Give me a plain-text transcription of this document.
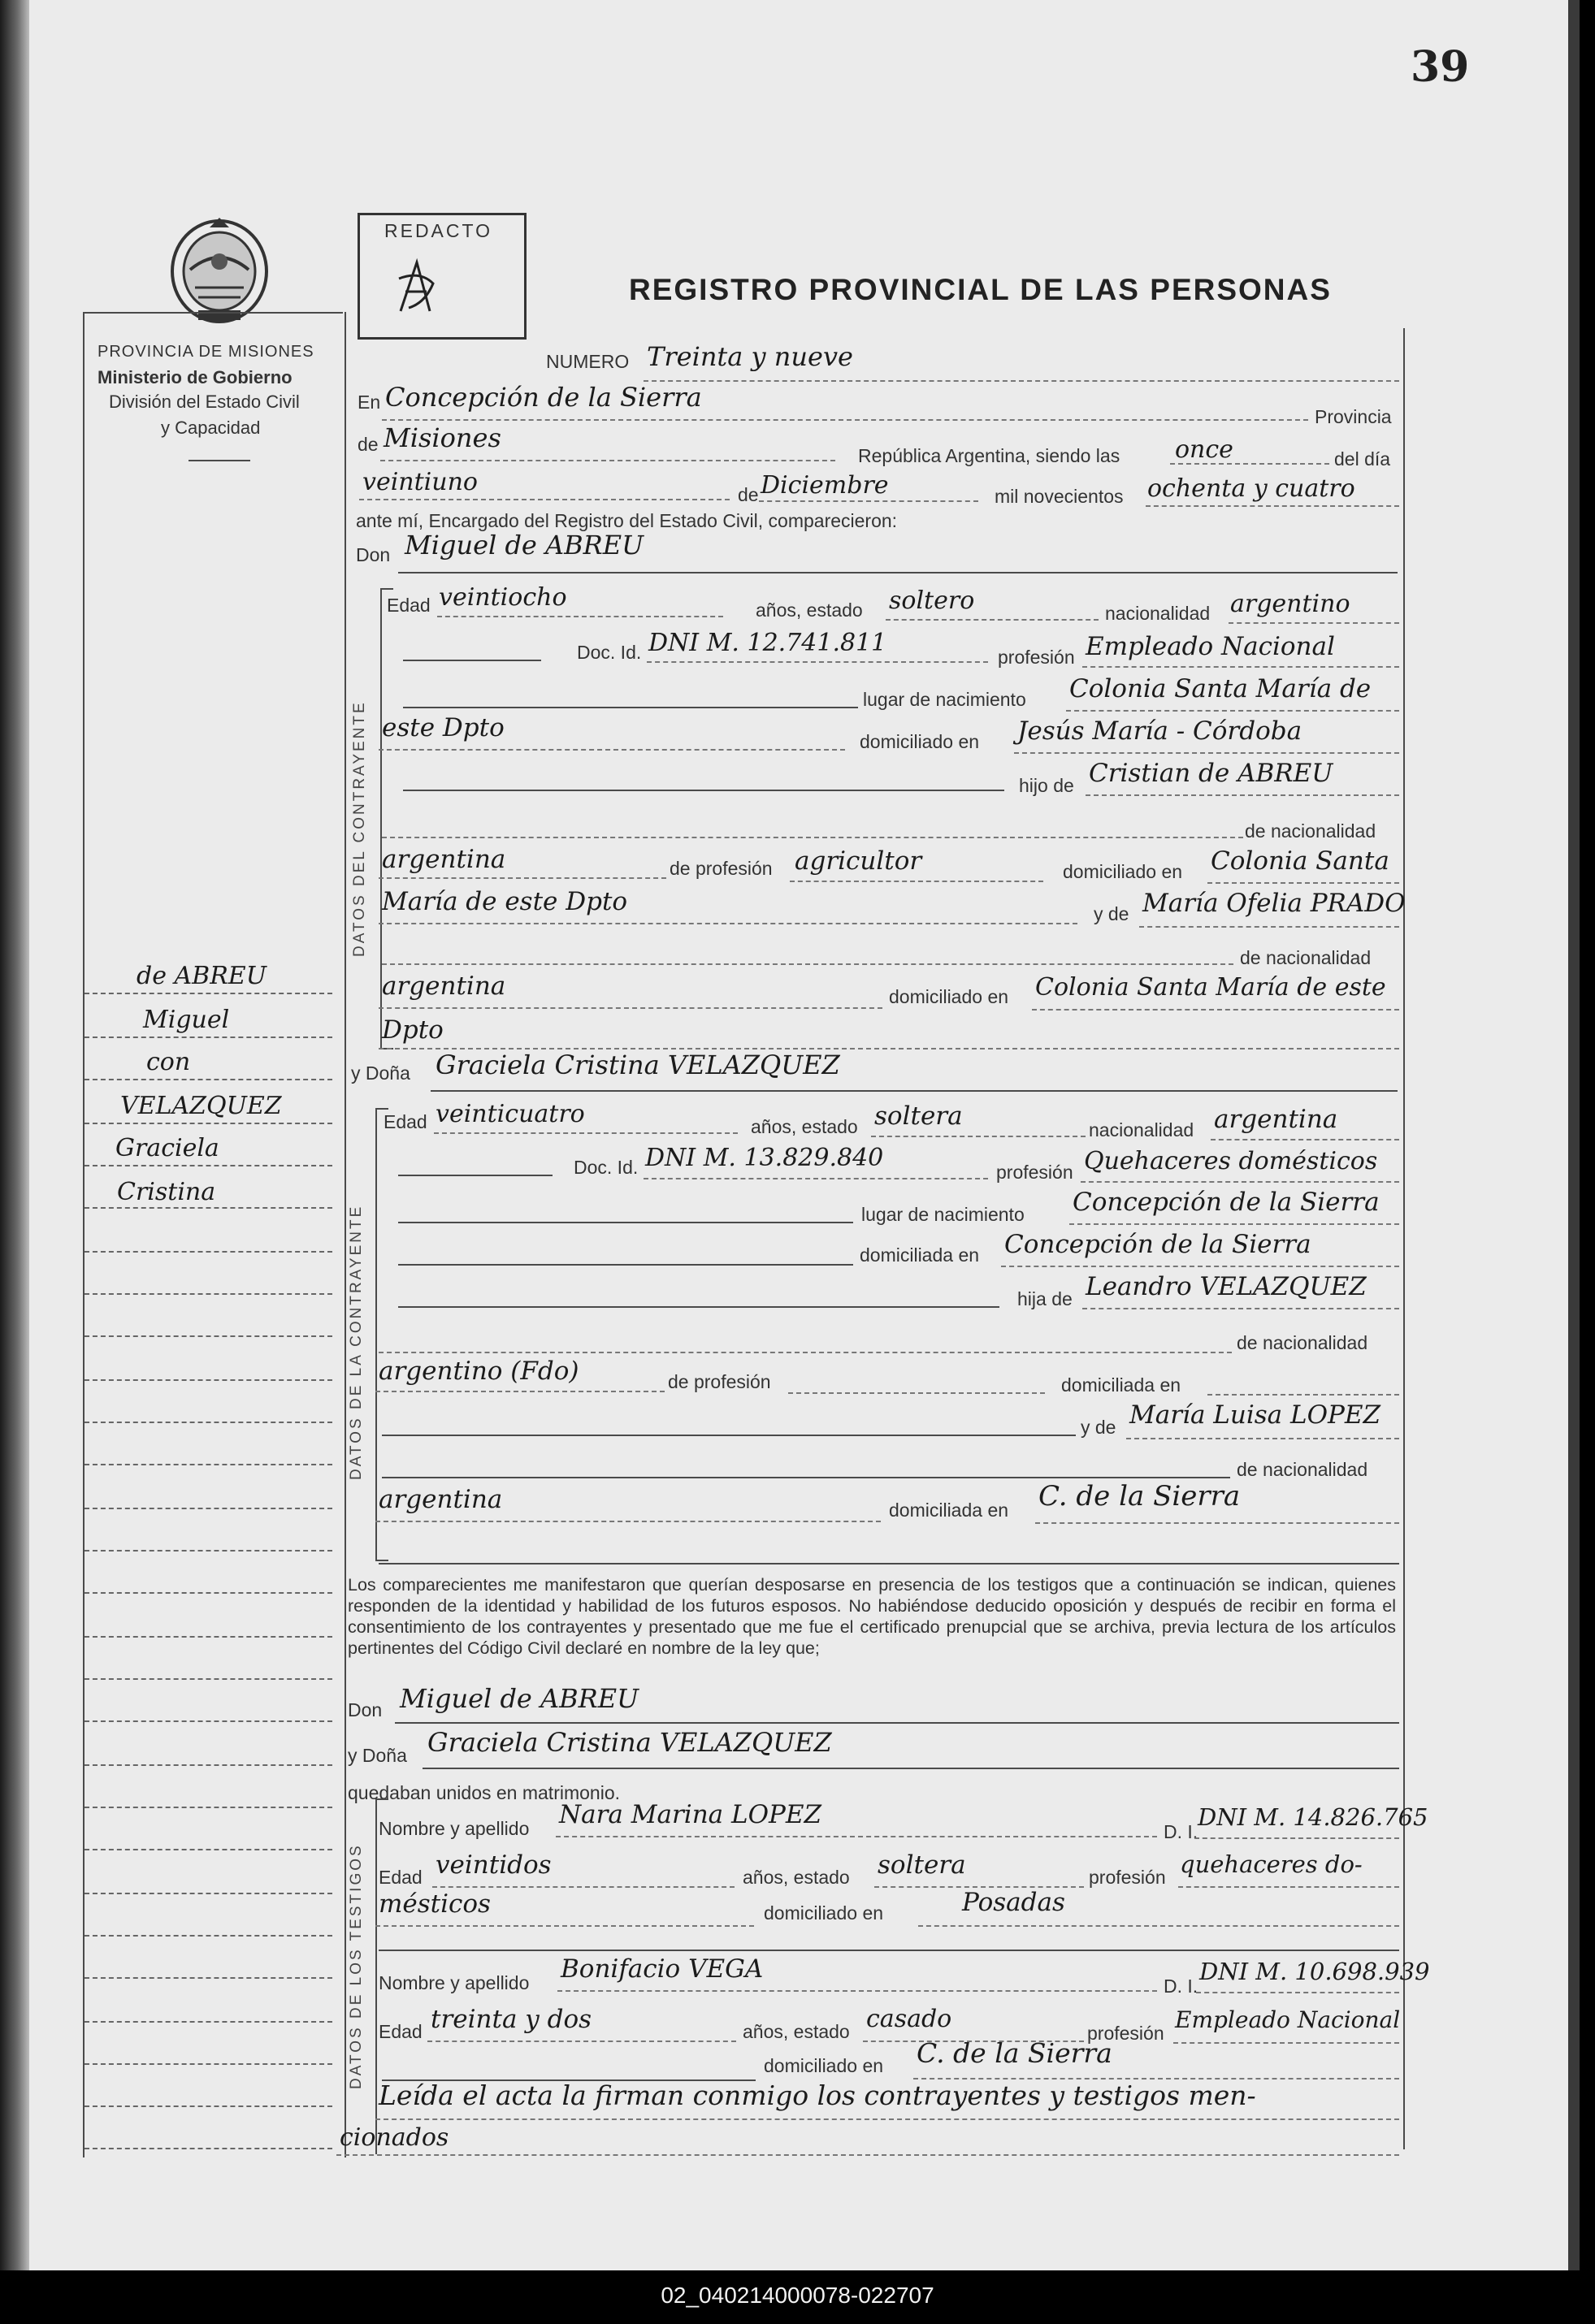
02_040214000078-022707
39
PROVINCIA DE MISIONES
Ministerio de Gobierno
División del Estado Civil
y Capacidad
REDACTO
REGISTRO PROVINCIAL DE LAS PERSONAS
de ABREU
Miguel
con
VELAZQUEZ
Graciela
Cristina
NUMERO Treinta y nueve
En Concepción de la Sierra
Provincia
de Misiones
República Argentina, siendo las once	del día
veintiuno	de Diciembre	mil novecientos ochenta y cuatro
ante mí, Encargado del Registro del Estado Civil, comparecieron:
Don Miguel de ABREU
DATOS DEL CONTRAYENTE
Edad veintiocho	años, estado soltero	nacionalidad argentino
Doc. Id. DNI M. 12.741.811	profesión Empleado Nacional
lugar de nacimiento Colonia Santa María de
este Dpto	domiciliado en Jesús María - Córdoba
hijo de Cristian de ABREU
de nacionalidad
argentina	de profesión agricultor	domiciliado en Colonia Santa
María de este Dpto	y de María Ofelia PRADO
de nacionalidad
argentina	domiciliado en Colonia Santa María de este
Dpto
y Doña Graciela Cristina VELAZQUEZ
DATOS DE LA CONTRAYENTE
Edad veinticuatro	años, estado soltera	nacionalidad argentina
Doc. Id. DNI M. 13.829.840	profesión Quehaceres domésticos
lugar de nacimiento Concepción de la Sierra
domiciliada en Concepción de la Sierra
hija de Leandro VELAZQUEZ
de nacionalidad
argentino (Fdo)	de profesión	domiciliada en
y de María Luisa LOPEZ
de nacionalidad
argentina	domiciliada en C. de la Sierra
Los comparecientes me manifestaron que querían desposarse en presencia de los testigos que a continuación se indican, quienes responden de la identidad y habilidad de los futuros esposos. No habiéndose deducido oposición y después de recibir en forma el consentimiento de los contrayentes y presentado que me fue el certificado prenupcial que se archiva, previa lectura de los artículos pertinentes del Código Civil declaré en nombre de la ley que;
Don Miguel de ABREU
y Doña Graciela Cristina VELAZQUEZ
quedaban unidos en matrimonio.
DATOS DE LOS TESTIGOS
Nombre y apellido Nara Marina LOPEZ
D. I.
DNI M. 14.826.765
Edad veintidos	años, estado soltera	profesión quehaceres do-
mésticos	domiciliado en	Posadas
Nombre y apellido Bonifacio VEGA
D. I.
DNI M. 10.698.939
Edad treinta y dos	años, estado casado	profesión Empleado Nacional
domiciliado en C. de la Sierra
Leída el acta la firman conmigo los contrayentes y testigos men-
cionados
